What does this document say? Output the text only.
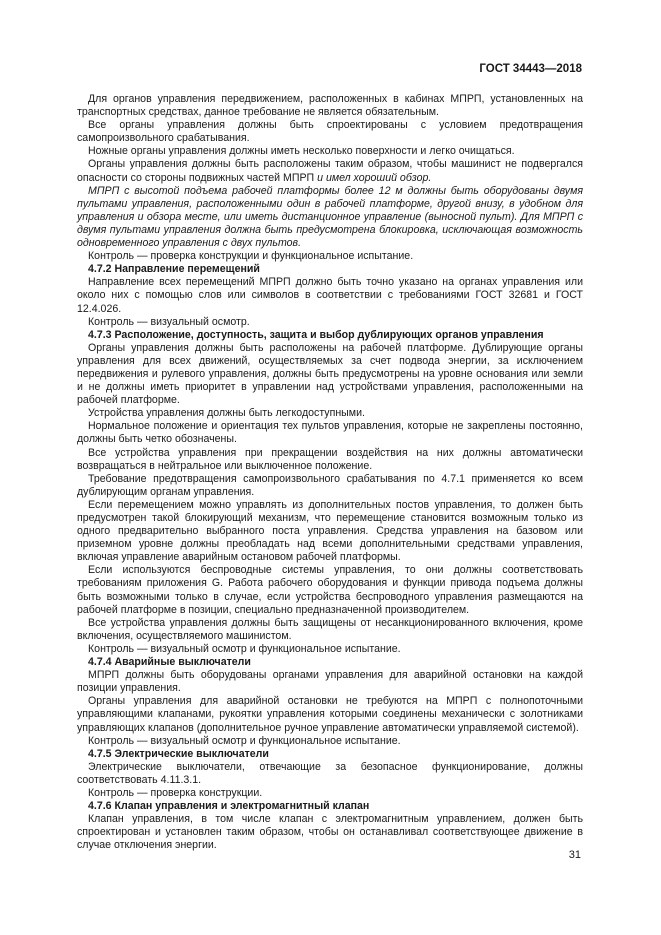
ГОСТ 34443—2018

Для органов управления передвижением, расположенных в кабинах МПРП, установленных на транспортных средствах, данное требование не является обязательным.

Все органы управления должны быть спроектированы с условием предотвращения самопроизвольного срабатывания.

Ножные органы управления должны иметь несколько поверхности и легко очищаться.

Органы управления должны быть расположены таким образом, чтобы машинист не подвергался опасности со стороны подвижных частей МПРП и имел хороший обзор.

МПРП с высотой подъема рабочей платформы более 12 м должны быть оборудованы двумя пультами управления, расположенными один в рабочей платформе, другой внизу, в удобном для управления и обзора месте, или иметь дистанционное управление (выносной пульт). Для МПРП с двумя пультами управления должна быть предусмотрена блокировка, исключающая возможность одновременного управления с двух пультов.

Контроль — проверка конструкции и функциональное испытание.

4.7.2 Направление перемещений

Направление всех перемещений МПРП должно быть точно указано на органах управления или около них с помощью слов или символов в соответствии с требованиями ГОСТ 32681 и ГОСТ 12.4.026.

Контроль — визуальный осмотр.

4.7.3 Расположение, доступность, защита и выбор дублирующих органов управления

Органы управления должны быть расположены на рабочей платформе. Дублирующие органы управления для всех движений, осуществляемых за счет подвода энергии, за исключением передвижения и рулевого управления, должны быть предусмотрены на уровне основания или земли и не должны иметь приоритет в управлении над устройствами управления, расположенными на рабочей платформе.

Устройства управления должны быть легкодоступными.

Нормальное положение и ориентация тех пультов управления, которые не закреплены постоянно, должны быть четко обозначены.

Все устройства управления при прекращении воздействия на них должны автоматически возвращаться в нейтральное или выключенное положение.

Требование предотвращения самопроизвольного срабатывания по 4.7.1 применяется ко всем дублирующим органам управления.

Если перемещением можно управлять из дополнительных постов управления, то должен быть предусмотрен такой блокирующий механизм, что перемещение становится возможным только из одного предварительно выбранного поста управления. Средства управления на базовом или приземном уровне должны преобладать над всеми дополнительными средствами управления, включая управление аварийным остановом рабочей платформы.

Если используются беспроводные системы управления, то они должны соответствовать требованиям приложения G. Работа рабочего оборудования и функции привода подъема должны быть возможными только в случае, если устройства беспроводного управления размещаются на рабочей платформе в позиции, специально предназначенной производителем.

Все устройства управления должны быть защищены от несанкционированного включения, кроме включения, осуществляемого машинистом.

Контроль — визуальный осмотр и функциональное испытание.

4.7.4 Аварийные выключатели

МПРП должны быть оборудованы органами управления для аварийной остановки на каждой позиции управления.

Органы управления для аварийной остановки не требуются на МПРП с полнопоточными управляющими клапанами, рукоятки управления которыми соединены механически с золотниками управляющих клапанов (дополнительное ручное управление автоматически управляемой системой).

Контроль — визуальный осмотр и функциональное испытание.

4.7.5 Электрические выключатели

Электрические выключатели, отвечающие за безопасное функционирование, должны соответствовать 4.11.3.1.

Контроль — проверка конструкции.

4.7.6 Клапан управления и электромагнитный клапан

Клапан управления, в том числе клапан с электромагнитным управлением, должен быть спроектирован и установлен таким образом, чтобы он останавливал соответствующее движение в случае отключения энергии.

31
